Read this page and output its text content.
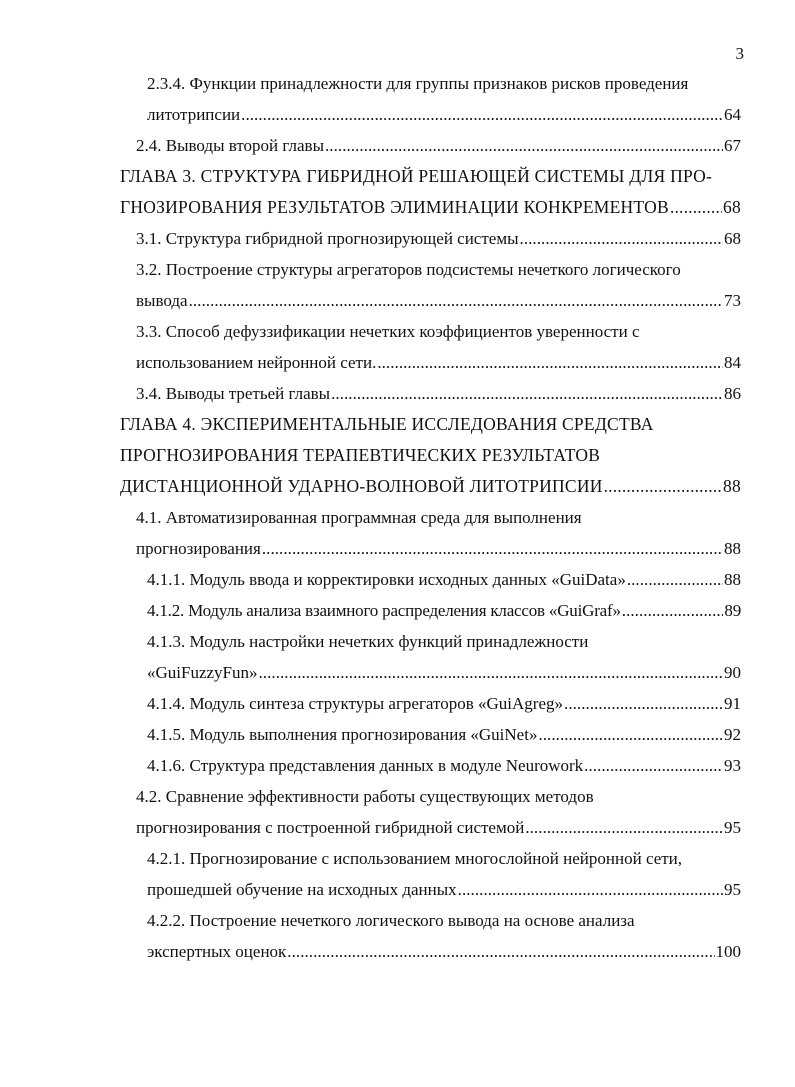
3
2.3.4. Функции принадлежности для группы признаков рисков проведения
литотрипсии . . .	64
2.4. Выводы второй главы . . .	67
ГЛАВА 3. СТРУКТУРА ГИБРИДНОЙ РЕШАЮЩЕЙ СИСТЕМЫ ДЛЯ ПРО-
ГНОЗИРОВАНИЯ РЕЗУЛЬТАТОВ ЭЛИМИНАЦИИ КОНКРЕМЕНТОВ . . .	68
3.1. Структура гибридной прогнозирующей системы . . .	68
3.2. Построение структуры агрегаторов подсистемы нечеткого логического
вывода . . .	73
3.3. Способ дефуззификации нечетких коэффициентов уверенности с
использованием нейронной сети. . . .	84
3.4. Выводы третьей главы . . .	86
ГЛАВА 4. ЭКСПЕРИМЕНТАЛЬНЫЕ ИССЛЕДОВАНИЯ СРЕДСТВА
ПРОГНОЗИРОВАНИЯ ТЕРАПЕВТИЧЕСКИХ РЕЗУЛЬТАТОВ
ДИСТАНЦИОННОЙ УДАРНО-ВОЛНОВОЙ ЛИТОТРИПСИИ . . .	88
4.1. Автоматизированная программная среда для выполнения
прогнозирования . . .	88
4.1.1. Модуль ввода и корректировки исходных данных «GuiData» . . .	88
4.1.2. Модуль анализа взаимного распределения классов «GuiGraf» . . .	89
4.1.3. Модуль настройки нечетких функций принадлежности
«GuiFuzzyFun» . . .	90
4.1.4. Модуль синтеза структуры агрегаторов «GuiAgreg» . . .	91
4.1.5. Модуль выполнения прогнозирования «GuiNet» . . .	92
4.1.6. Структура представления данных в модуле Neurowork . . .	93
4.2. Сравнение эффективности работы существующих методов
прогнозирования с построенной гибридной системой . . .	95
4.2.1. Прогнозирование с использованием многослойной нейронной сети,
прошедшей обучение на исходных данных . . .	95
4.2.2. Построение нечеткого логического вывода на основе анализа
экспертных оценок . . .	100
